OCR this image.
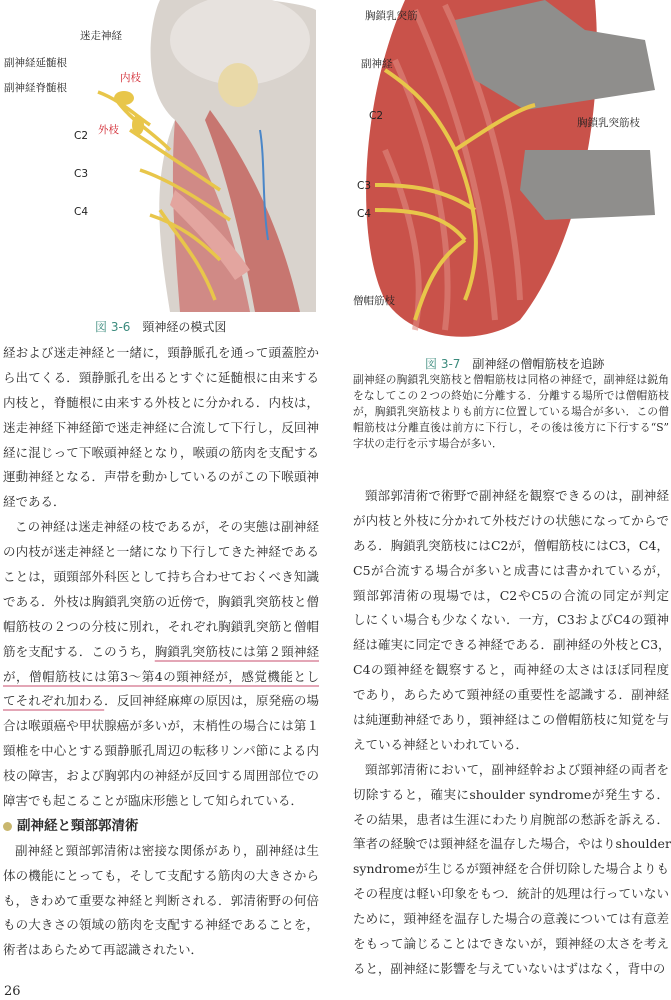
迷走神経
副神経延髄根
内枝
副神経脊髄根
外枝
C2
C3
C4
図 3-6 頸神経の模式図
胸鎖乳突筋
副神経
C2
胸鎖乳突筋枝
C3
C4
僧帽筋枝
図 3-7 副神経の僧帽筋枝を追跡
副神経の胸鎖乳突筋枝と僧帽筋枝は同格の神経で，副神経は鋭角
をなしてこの２つの終始に分離する．分離する場所では僧帽筋枝
が，胸鎖乳突筋枝よりも前方に位置している場合が多い．この僧
帽筋枝は分離直後は前方に下行し，その後は後方に下行する“S”
字状の走行を示す場合が多い．
経および迷走神経と一緒に，頸静脈孔を通って頭蓋腔か
ら出てくる．頸静脈孔を出るとすぐに延髄根に由来する
内枝と，脊髄根に由来する外枝とに分かれる．内枝は，
迷走神経下神経節で迷走神経に合流して下行し，反回神
経に混じって下喉頭神経となり，喉頭の筋肉を支配する
運動神経となる．声帯を動かしているのがこの下喉頭神
経である．
この神経は迷走神経の枝であるが，その実態は副神経
の内枝が迷走神経と一緒になり下行してきた神経である
ことは，頭頸部外科医として持ち合わせておくべき知識
である．外枝は胸鎖乳突筋の近傍で，胸鎖乳突筋枝と僧
帽筋枝の２つの分枝に別れ，それぞれ胸鎖乳突筋と僧帽
筋を支配する．このうち，胸鎖乳突筋枝には第２頸神経
が，僧帽筋枝には第3〜第4の頸神経が，感覚機能とし
てそれぞれ加わる．反回神経麻痺の原因は，原発癌の場
合は喉頭癌や甲状腺癌が多いが，末梢性の場合には第１
頸椎を中心とする頸静脈孔周辺の転移リンパ節による内
枝の障害，および胸郭内の神経が反回する周囲部位での
障害でも起こることが臨床形態として知られている．
副神経と頸部郭清術
副神経と頸部郭清術は密接な関係があり，副神経は生
体の機能にとっても，そして支配する筋肉の大きさから
も，きわめて重要な神経と判断される．郭清術野の何倍
もの大きさの領域の筋肉を支配する神経であることを，
術者はあらためて再認識されたい．
頸部郭清術で術野で副神経を観察できるのは，副神経
が内枝と外枝に分かれて外枝だけの状態になってからで
ある．胸鎖乳突筋枝にはC2が，僧帽筋枝にはC3，C4，
C5が合流する場合が多いと成書には書かれているが，
頸部郭清術の現場では，C2やC5の合流の同定が判定
しにくい場合も少なくない．一方，C3およびC4の頸神
経は確実に同定できる神経である．副神経の外枝とC3，
C4の頸神経を観察すると，両神経の太さはほぼ同程度
であり，あらためて頸神経の重要性を認識する．副神経
は純運動神経であり，頸神経はこの僧帽筋枝に知覚を与
えている神経といわれている．
頸部郭清術において，副神経幹および頸神経の両者を
切除すると，確実にshoulder syndromeが発生する．
その結果，患者は生涯にわたり肩腕部の愁訴を訴える．
筆者の経験では頸神経を温存した場合，やはりshoulder
syndromeが生じるが頸神経を合併切除した場合よりも
その程度は軽い印象をもつ．統計的処理は行っていない
ために，頸神経を温存した場合の意義については有意差
をもって論じることはできないが，頸神経の太さを考え
ると，副神経に影響を与えていないはずはなく，背中の
26
